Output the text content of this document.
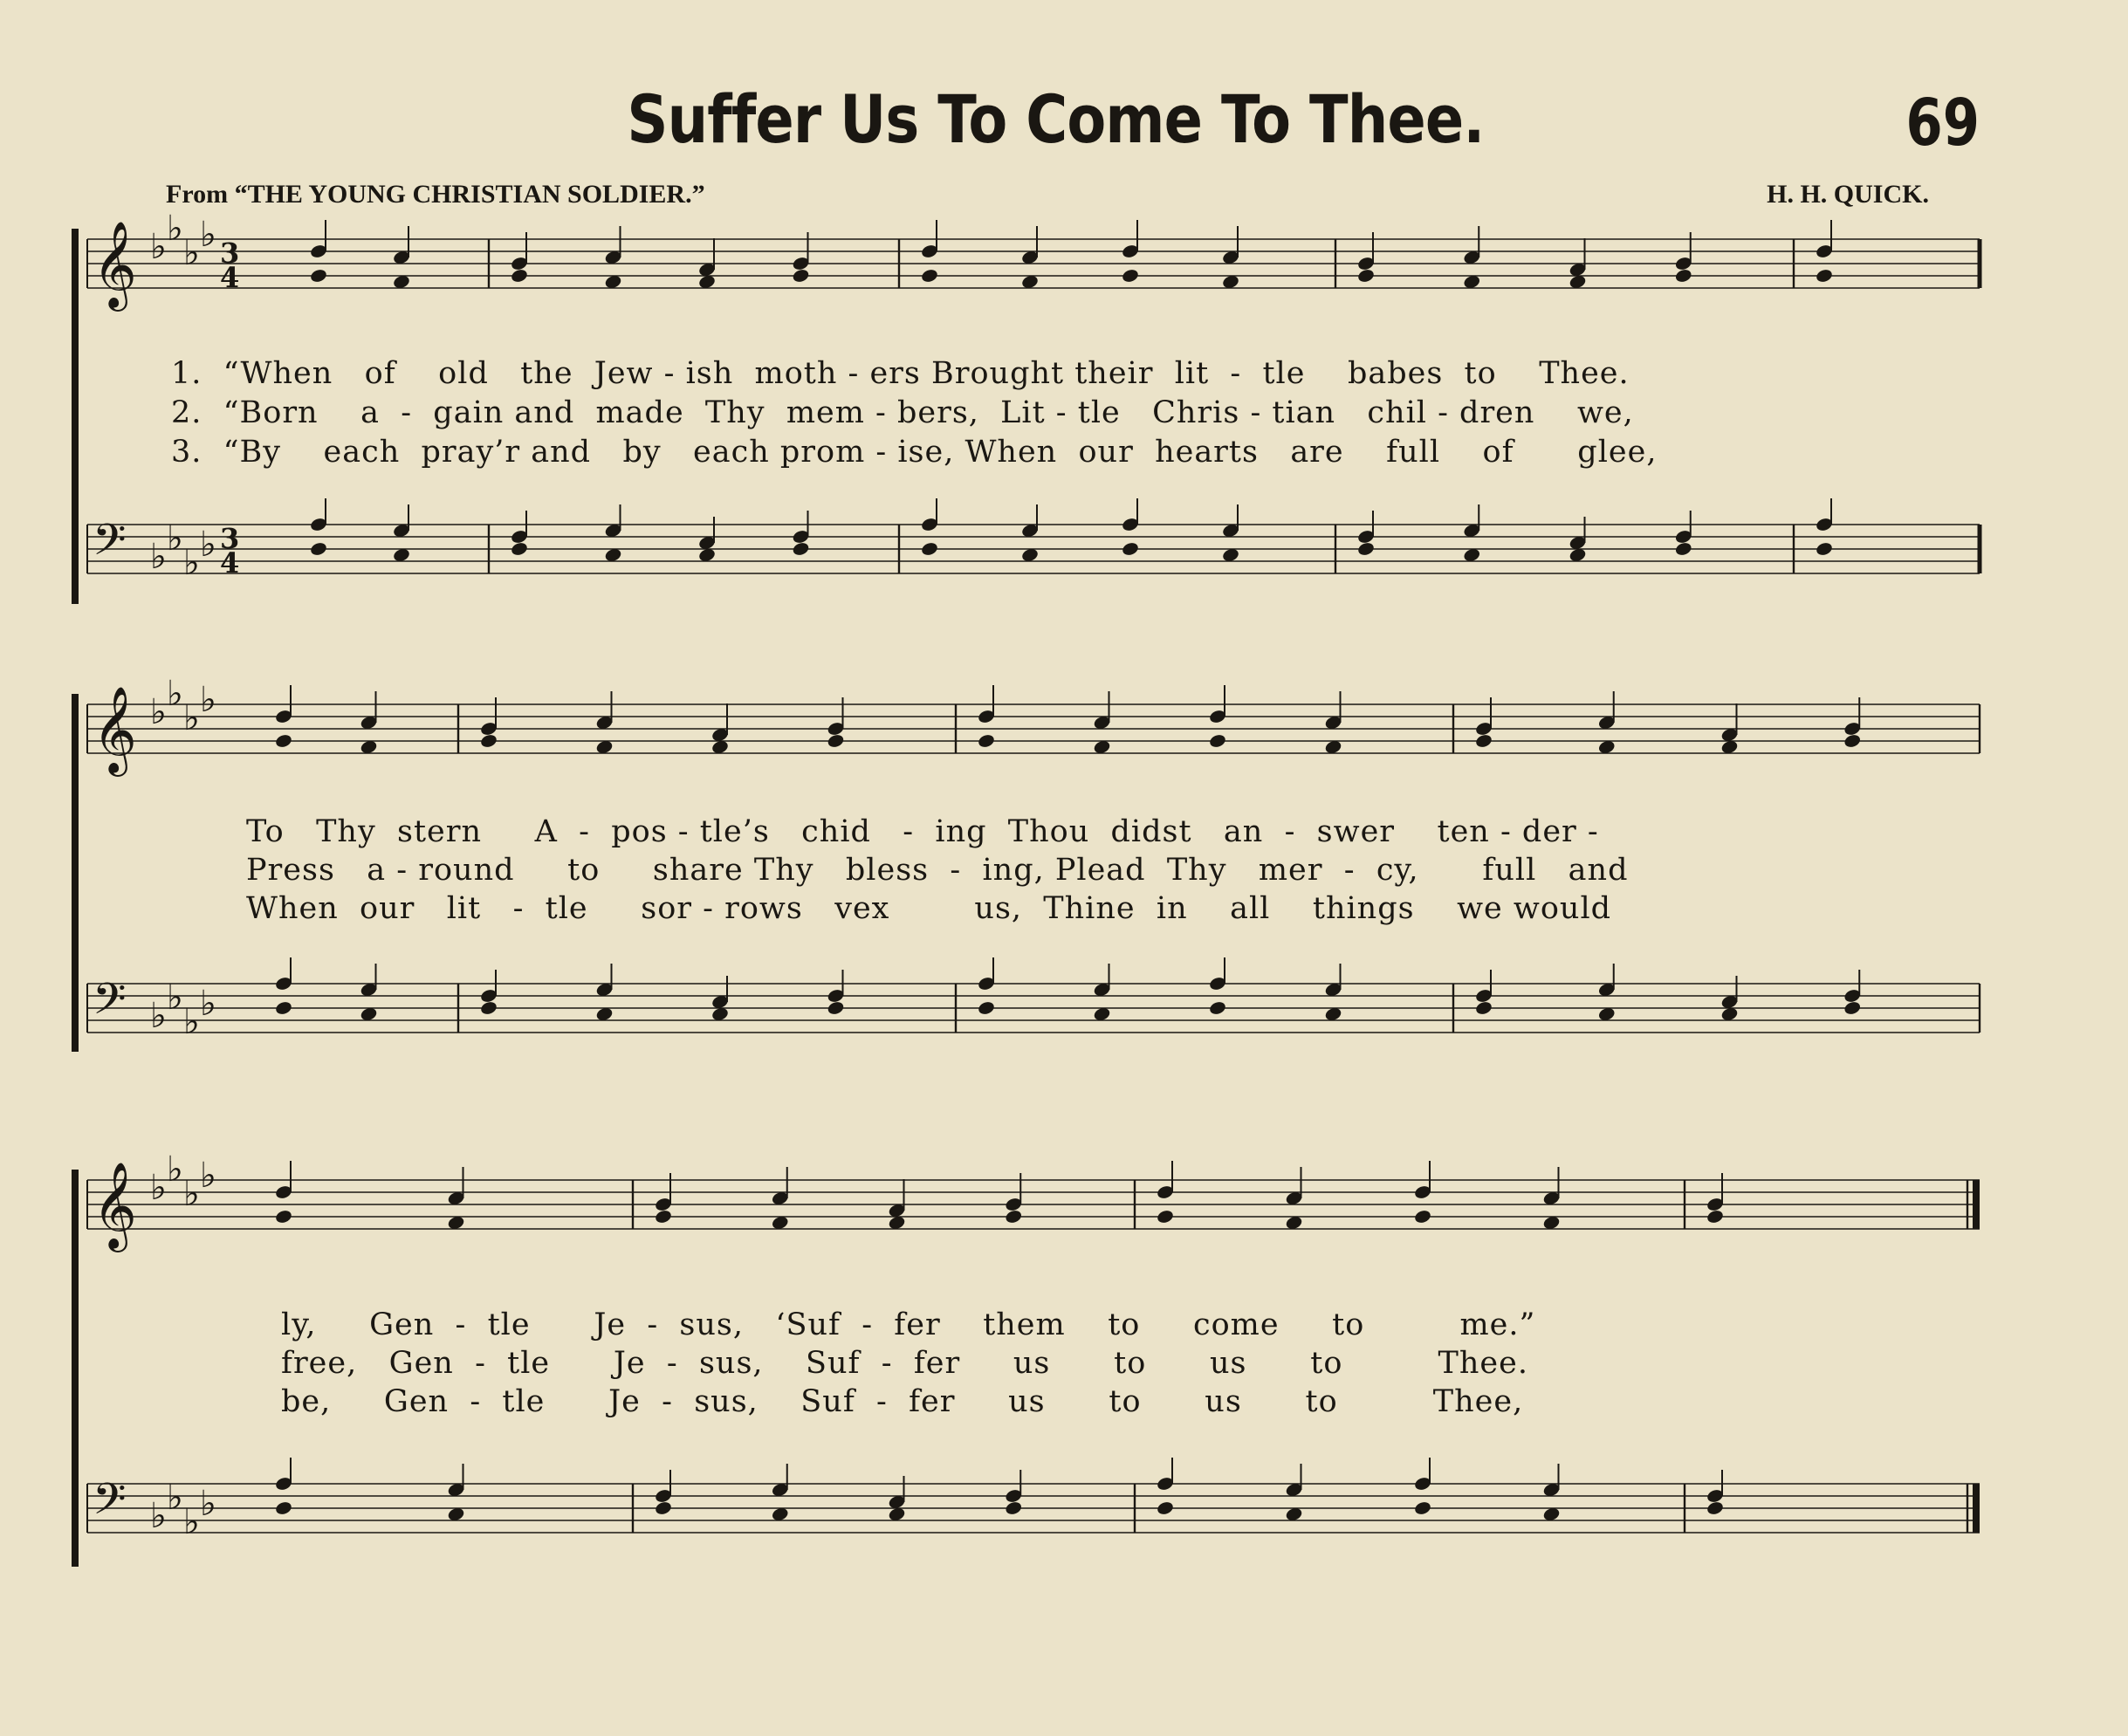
Suffer Us To Come To Thee.	69
From “THE YOUNG CHRISTIAN SOLDIER.”	H. H. QUICK.
𝄞 ♭ ♭
♭ ♭ 3
4
𝄢 ♭ ♭
♭ ♭ 3
4
𝄞 ♭ ♭
♭ ♭
𝄢 ♭ ♭
♭ ♭
𝄞 ♭ ♭
♭ ♭
𝄢 ♭ ♭
♭ ♭
1.  “When   of    old   the  Jew - ish  moth - ers Brought their  lit  -  tle    babes  to    Thee.
2.  “Born    a  -  gain and  made  Thy  mem - bers,  Lit - tle   Chris - tian   chil - dren    we,
3.  “By    each  pray’r and   by   each prom - ise, When  our  hearts   are    full    of      glee,
To   Thy  stern     A  -  pos - tle’s   chid   -  ing  Thou  didst   an  -  swer    ten - der -
Press   a - round     to     share Thy   bless  -  ing, Plead  Thy   mer  -  cy,      full   and
When  our   lit   -  tle     sor - rows   vex        us,  Thine  in    all    things    we would
ly,     Gen  -  tle      Je  -  sus,   ‘Suf  -  fer    them    to     come     to         me.”
free,   Gen  -  tle      Je  -  sus,    Suf  -  fer     us      to      us      to         Thee.
be,     Gen  -  tle      Je  -  sus,    Suf  -  fer     us      to      us      to         Thee,
